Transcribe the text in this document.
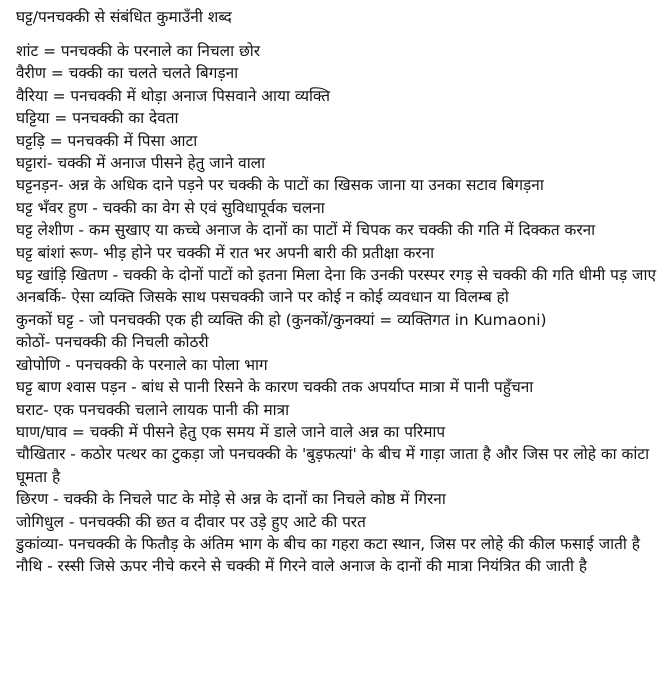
घट्ट/पनचक्की से संबंधित कुमाउँनी शब्द

शांट = पनचक्की के परनाले का निचला छोर

वैरीण = चक्की का चलते चलते बिगड़ना

वैरिया = पनचक्की में थोड़ा अनाज पिसवाने आया व्यक्ति

घट्टिया = पनचक्की का देवता

घट्टड़ि = पनचक्की में पिसा आटा

घट्टारां- चक्की में अनाज पीसने हेतु जाने वाला

घट्टनड़न- अन्न के अधिक दाने पड़ने पर चक्की के पाटों का खिसक जाना या उनका सटाव बिगड़ना

घट्ट भँवर हुण - चक्की का वेग से एवं सुविधापूर्वक चलना

घट्ट लेशीण - कम सुखाए या कच्चे अनाज के दानों का पाटों में चिपक कर चक्की की गति में दिक्कत करना

घट्ट बांशां रूण- भीड़ होने पर चक्की में रात भर अपनी बारी की प्रतीक्षा करना

घट्ट खांड़ि खितण - चक्की के दोनों पाटों को इतना मिला देना कि उनकी परस्पर रगड़ से चक्की की गति धीमी पड़ जाए

अनबर्कि- ऐसा व्यक्ति जिसके साथ पसचक्की जाने पर कोई न कोई व्यवधान या विलम्ब हो

कुनकों घट्ट - जो पनचक्की एक ही व्यक्ति की हो (कुनकों/कुनक्यां = व्यक्तिगत in Kumaoni)

कोठों- पनचक्की की निचली कोठरी

खोपोणि - पनचक्की के परनाले का पोला भाग

घट्ट बाण श्वास पड़न - बांध से पानी रिसने के कारण चक्की तक अपर्याप्त मात्रा में पानी पहुँचना

घराट- एक पनचक्की चलाने लायक पानी की मात्रा

घाण/घाव = चक्की में पीसने हेतु एक समय में डाले जाने वाले अन्न का परिमाप

चौखितार - कठोर पत्थर का टुकड़ा जो पनचक्की के 'बुड़फत्यां' के बीच में गाड़ा जाता है और जिस पर लोहे का कांटा घूमता है

छिरण - चक्की के निचले पाट के मोड़े से अन्न के दानों का निचले कोष्ठ में गिरना

जोगिधुल - पनचक्की की छत व दीवार पर उड़े हुए आटे की परत

डुकांव्या- पनचक्की के फितौड़ के अंतिम भाग के बीच का गहरा कटा स्थान, जिस पर लोहे की कील फसाई जाती है

नौथि - रस्सी जिसे ऊपर नीचे करने से चक्की में गिरने वाले अनाज के दानों की मात्रा नियंत्रित की जाती है
